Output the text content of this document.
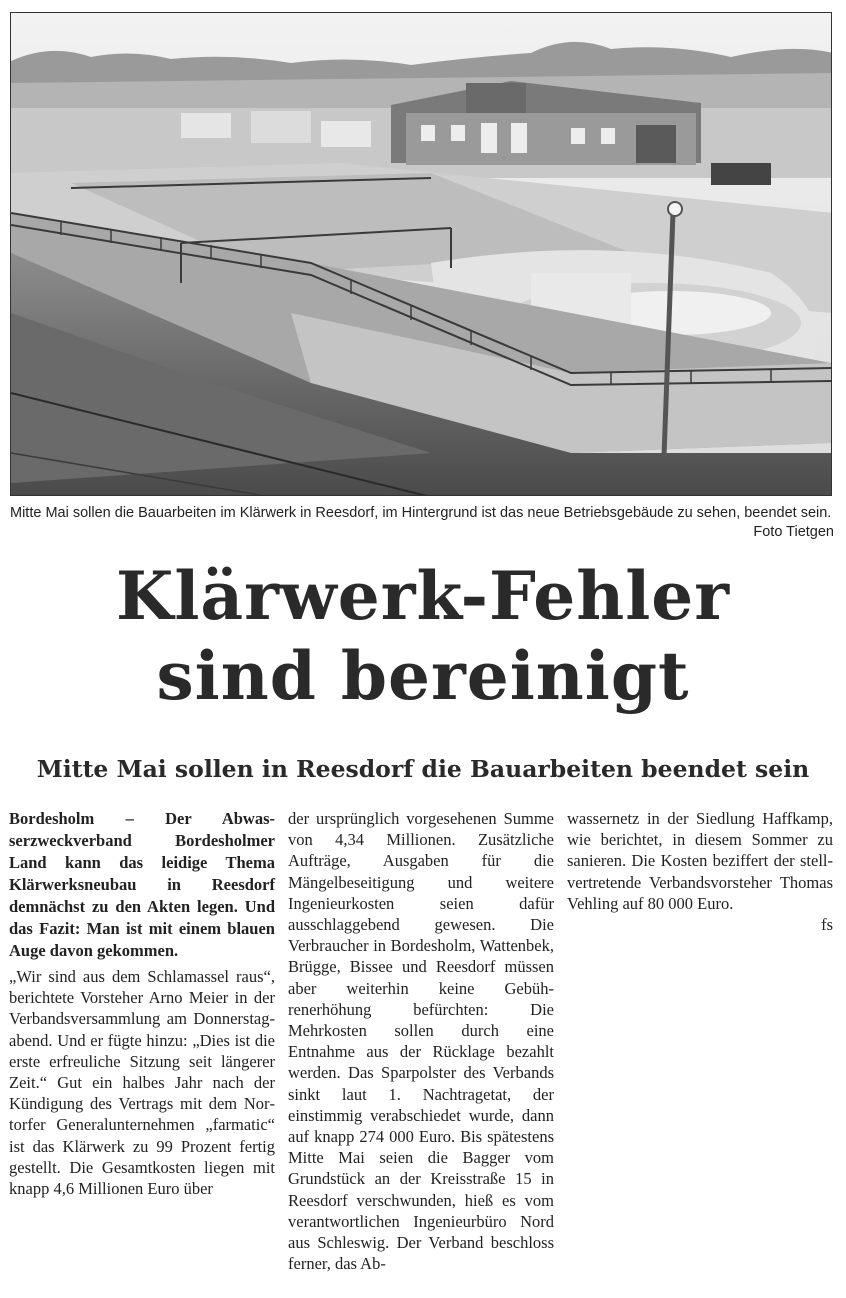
Mitte Mai sollen die Bauarbeiten im Klärwerk in Reesdorf, im Hintergrund ist das neue Betriebsgebäude zu sehen, beendet sein.
Foto Tietgen
Klärwerk-Fehler
sind bereinigt
Mitte Mai sollen in Reesdorf die Bauarbeiten beendet sein

Bordesholm – Der Abwasserzweckverband Bordesholmer Land kann das leidige Thema Klärwerksneubau in Reesdorf demnächst zu den Akten legen. Und das Fazit: Man ist mit einem blauen Auge davon gekommen.

„Wir sind aus dem Schlamassel raus“, berichtete Vorsteher Arno Meier in der Verbandsversammlung am Donnerstagabend. Und er fügte hinzu: „Dies ist die erste erfreuliche Sitzung seit längerer Zeit.“ Gut ein halbes Jahr nach der Kündigung des Vertrags mit dem Nortorfer Generalunternehmen „farmatic“ ist das Klärwerk zu 99 Prozent fertig gestellt. Die Gesamtkosten liegen mit knapp 4,6 Millionen Euro über

der ursprünglich vorgesehenen Summe von 4,34 Millionen. Zusätzliche Aufträge, Ausgaben für die Mängelbeseitigung und weitere Ingenieurkosten seien dafür ausschlaggebend gewesen. Die Verbraucher in Bordesholm, Wattenbek, Brügge, Bissee und Reesdorf müssen aber weiterhin keine Gebührenerhöhung befürchten: Die Mehrkosten sollen durch eine Entnahme aus der Rücklage bezahlt werden. Das Sparpolster des Verbands sinkt laut 1. Nachtragetat, der einstimmig verabschiedet wurde, dann auf knapp 274 000 Euro. Bis spätestens Mitte Mai seien die Bagger vom Grundstück an der Kreisstraße 15 in Reesdorf verschwunden, hieß es vom verantwortlichen Ingenieurbüro Nord aus Schleswig. Der Verband beschloss ferner, das Ab-

wassernetz in der Siedlung Haffkamp, wie berichtet, in diesem Sommer zu sanieren. Die Kosten beziffert der stellvertretende Verbandsvorsteher Thomas Vehling auf 80 000 Euro.

fs
